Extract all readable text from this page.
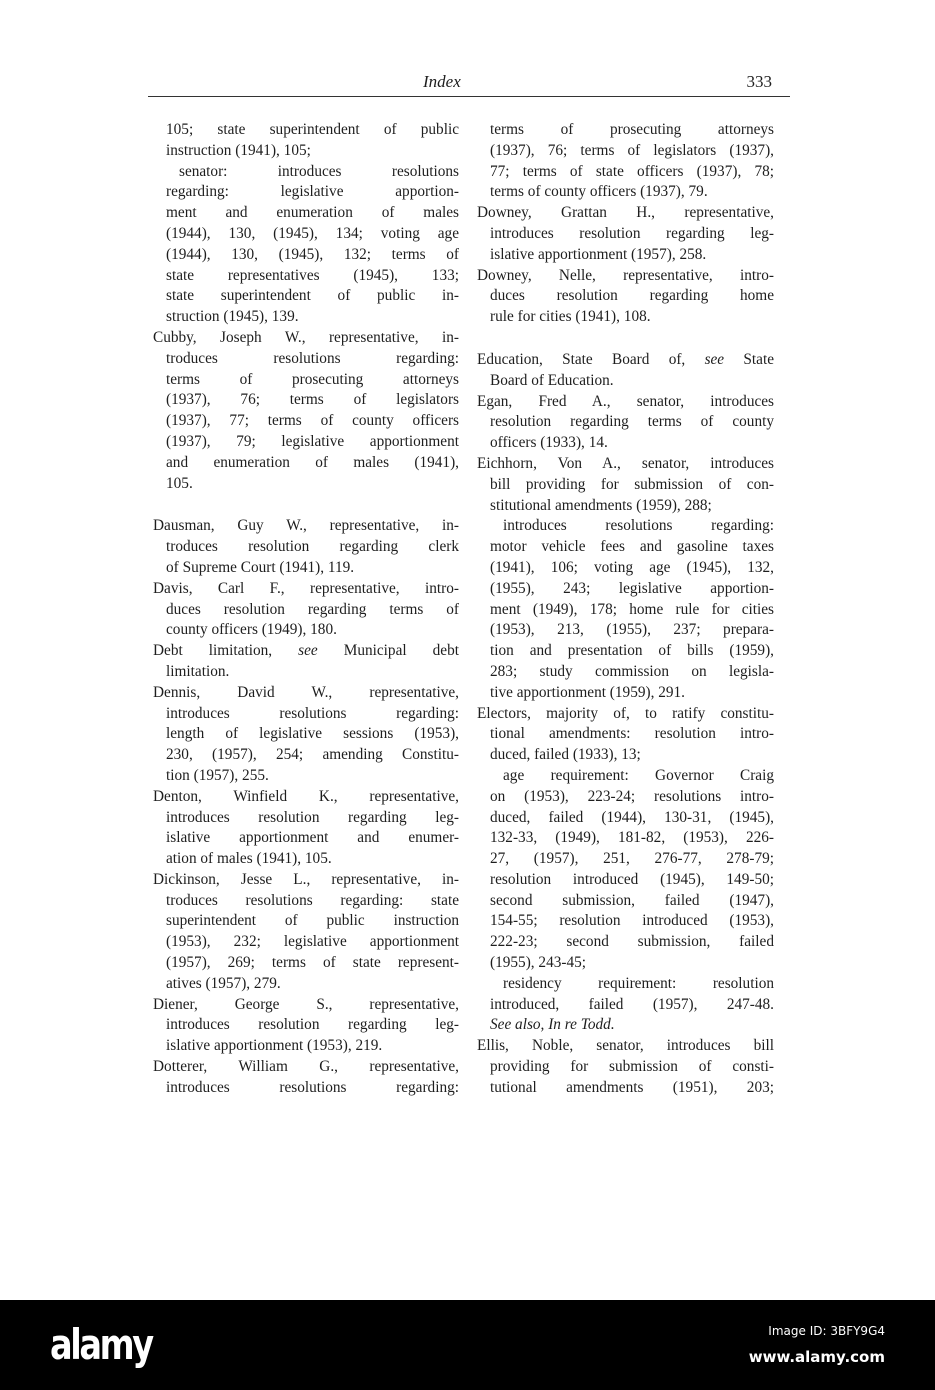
Index	333
105; state superintendent of public
instruction (1941), 105;
senator: introduces resolutions
regarding: legislative apportion-
ment and enumeration of males
(1944), 130, (1945), 134; voting age
(1944), 130, (1945), 132; terms of
state representatives (1945), 133;
state superintendent of public in-
struction (1945), 139.
Cubby, Joseph W., representative, in-
troduces resolutions regarding:
terms of prosecuting attorneys
(1937), 76; terms of legislators
(1937), 77; terms of county officers
(1937), 79; legislative apportionment
and enumeration of males (1941),
105.
Dausman, Guy W., representative, in-
troduces resolution regarding clerk
of Supreme Court (1941), 119.
Davis, Carl F., representative, intro-
duces resolution regarding terms of
county officers (1949), 180.
Debt limitation, see Municipal debt
limitation.
Dennis, David W., representative,
introduces resolutions regarding:
length of legislative sessions (1953),
230, (1957), 254; amending Constitu-
tion (1957), 255.
Denton, Winfield K., representative,
introduces resolution regarding leg-
islative apportionment and enumer-
ation of males (1941), 105.
Dickinson, Jesse L., representative, in-
troduces resolutions regarding: state
superintendent of public instruction
(1953), 232; legislative apportionment
(1957), 269; terms of state represent-
atives (1957), 279.
Diener, George S., representative,
introduces resolution regarding leg-
islative apportionment (1953), 219.
Dotterer, William G., representative,
introduces resolutions regarding:
terms of prosecuting attorneys
(1937), 76; terms of legislators (1937),
77; terms of state officers (1937), 78;
terms of county officers (1937), 79.
Downey, Grattan H., representative,
introduces resolution regarding leg-
islative apportionment (1957), 258.
Downey, Nelle, representative, intro-
duces resolution regarding home
rule for cities (1941), 108.
Education, State Board of, see State
Board of Education.
Egan, Fred A., senator, introduces
resolution regarding terms of county
officers (1933), 14.
Eichhorn, Von A., senator, introduces
bill providing for submission of con-
stitutional amendments (1959), 288;
introduces resolutions regarding:
motor vehicle fees and gasoline taxes
(1941), 106; voting age (1945), 132,
(1955), 243; legislative apportion-
ment (1949), 178; home rule for cities
(1953), 213, (1955), 237; prepara-
tion and presentation of bills (1959),
283; study commission on legisla-
tive apportionment (1959), 291.
Electors, majority of, to ratify constitu-
tional amendments: resolution intro-
duced, failed (1933), 13;
age requirement: Governor Craig
on (1953), 223-24; resolutions intro-
duced, failed (1944), 130-31, (1945),
132-33, (1949), 181-82, (1953), 226-
27, (1957), 251, 276-77, 278-79;
resolution introduced (1945), 149-50;
second submission, failed (1947),
154-55; resolution introduced (1953),
222-23; second submission, failed
(1955), 243-45;
residency requirement: resolution
introduced, failed (1957), 247-48.
See also, In re Todd.
Ellis, Noble, senator, introduces bill
providing for submission of consti-
tutional amendments (1951), 203;
alamy	Image ID: 3BFY9G4
www.alamy.com
